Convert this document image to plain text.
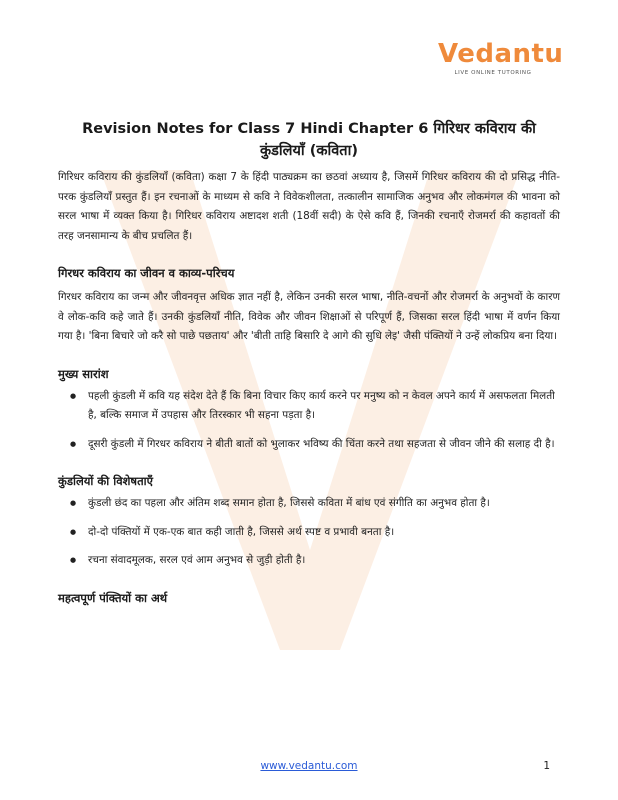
Vedantu
LIVE ONLINE TUTORING
Revision Notes for Class 7 Hindi Chapter 6 गिरिधर कविराय की कुंडलियाँ (कविता)

गिरिधर कविराय की कुंडलियाँ (कविता) कक्षा 7 के हिंदी पाठ्यक्रम का छठवां अध्याय है, जिसमें गिरिधर कविराय की दो प्रसिद्ध नीति-परक कुंडलियाँ प्रस्तुत हैं। इन रचनाओं के माध्यम से कवि ने विवेकशीलता, तत्कालीन सामाजिक अनुभव और लोकमंगल की भावना को सरल भाषा में व्यक्त किया है। गिरिधर कविराय अष्टादश शती (18वीं सदी) के ऐसे कवि हैं, जिनकी रचनाएँ रोजमर्रा की कहावतों की तरह जनसामान्य के बीच प्रचलित हैं।

गिरधर कविराय का जीवन व काव्य-परिचय

गिरधर कविराय का जन्म और जीवनवृत्त अधिक ज्ञात नहीं है, लेकिन उनकी सरल भाषा, नीति-वचनों और रोजमर्रा के अनुभवों के कारण वे लोक-कवि कहे जाते हैं। उनकी कुंडलियाँ नीति, विवेक और जीवन शिक्षाओं से परिपूर्ण हैं, जिसका सरल हिंदी भाषा में वर्णन किया गया है। 'बिना बिचारे जो करै सो पाछे पछताय' और 'बीती ताहि बिसारि दे आगे की सुधि लेइ' जैसी पंक्तियों ने उन्हें लोकप्रिय बना दिया।

मुख्य सारांश
● पहली कुंडली में कवि यह संदेश देते हैं कि बिना विचार किए कार्य करने पर मनुष्य को न केवल अपने कार्य में असफलता मिलती है, बल्कि समाज में उपहास और तिरस्कार भी सहना पड़ता है।
● दूसरी कुंडली में गिरधर कविराय ने बीती बातों को भुलाकर भविष्य की चिंता करने तथा सहजता से जीवन जीने की सलाह दी है।
कुंडलियों की विशेषताएँ
● कुंडली छंद का पहला और अंतिम शब्द समान होता है, जिससे कविता में बांध एवं संगीति का अनुभव होता है।
● दो-दो पंक्तियों में एक-एक बात कही जाती है, जिससे अर्थ स्पष्ट व प्रभावी बनता है।
● रचना संवादमूलक, सरल एवं आम अनुभव से जुड़ी होती है।
महत्वपूर्ण पंक्तियों का अर्थ
www.vedantu.com	1
